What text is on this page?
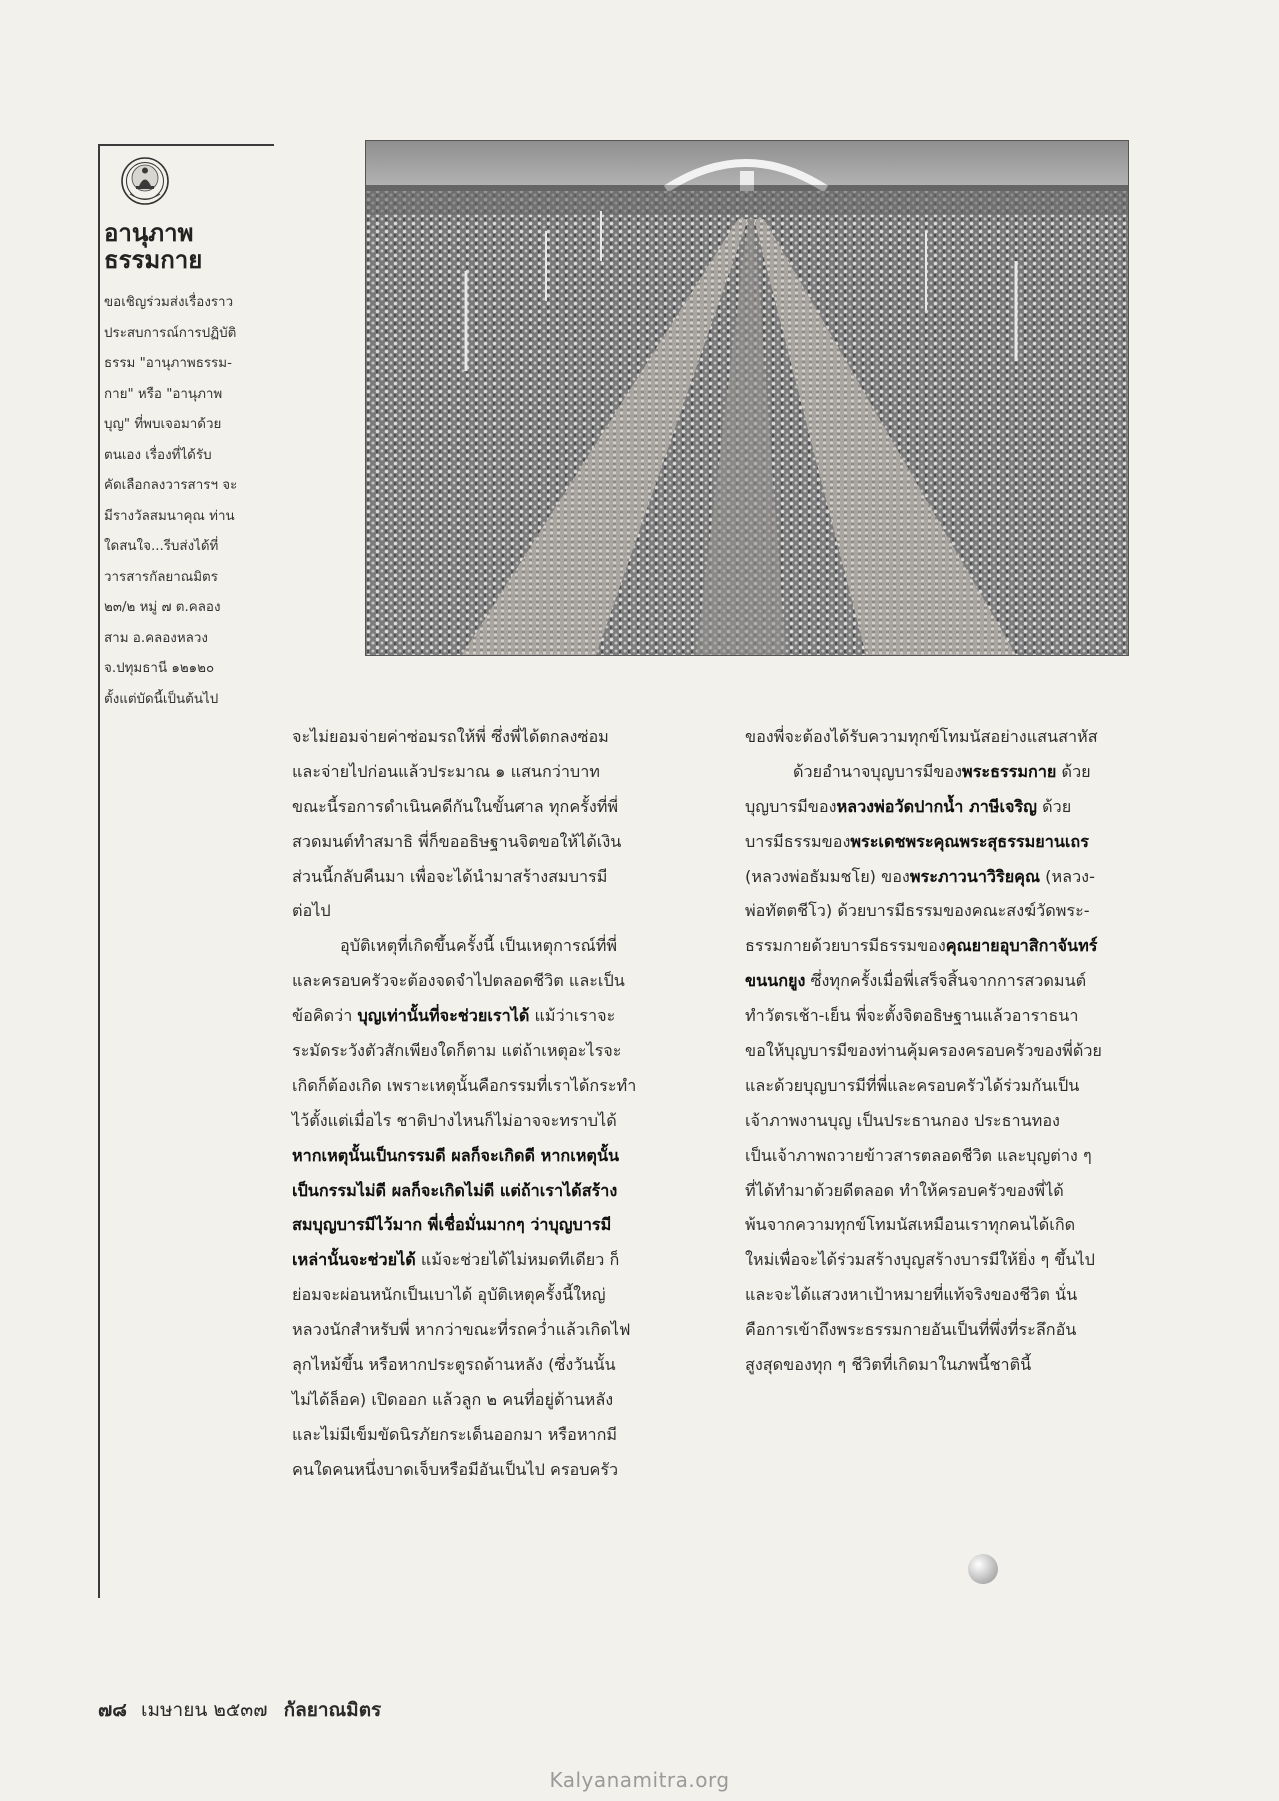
อานุภาพ
ธรรมกาย
ขอเชิญร่วมส่งเรื่องราว
ประสบการณ์การปฏิบัติ
ธรรม "อานุภาพธรรม-
กาย" หรือ "อานุภาพ
บุญ" ที่พบเจอมาด้วย
ตนเอง เรื่องที่ได้รับ
คัดเลือกลงวารสารฯ จะ
มีรางวัลสมนาคุณ ท่าน
ใดสนใจ...รีบส่งได้ที่
วารสารกัลยาณมิตร
๒๓/๒ หมู่ ๗ ต.คลอง
สาม อ.คลองหลวง
จ.ปทุมธานี ๑๒๑๒๐
ตั้งแต่บัดนี้เป็นต้นไป
จะไม่ยอมจ่ายค่าซ่อมรถให้พี่ ซึ่งพี่ได้ตกลงซ่อม
และจ่ายไปก่อนแล้วประมาณ ๑ แสนกว่าบาท
ขณะนี้รอการดำเนินคดีกันในขั้นศาล ทุกครั้งที่พี่
สวดมนต์ทำสมาธิ พี่ก็ขออธิษฐานจิตขอให้ได้เงิน
ส่วนนี้กลับคืนมา เพื่อจะได้นำมาสร้างสมบารมี
ต่อไป
อุบัติเหตุที่เกิดขึ้นครั้งนี้ เป็นเหตุการณ์ที่พี่
และครอบครัวจะต้องจดจำไปตลอดชีวิต และเป็น
ข้อคิดว่า บุญเท่านั้นที่จะช่วยเราได้ แม้ว่าเราจะ
ระมัดระวังตัวสักเพียงใดก็ตาม แต่ถ้าเหตุอะไรจะ
เกิดก็ต้องเกิด เพราะเหตุนั้นคือกรรมที่เราได้กระทำ
ไว้ตั้งแต่เมื่อไร ชาติปางไหนก็ไม่อาจจะทราบได้
หากเหตุนั้นเป็นกรรมดี ผลก็จะเกิดดี หากเหตุนั้น
เป็นกรรมไม่ดี ผลก็จะเกิดไม่ดี แต่ถ้าเราได้สร้าง
สมบุญบารมีไว้มาก พี่เชื่อมั่นมากๆ ว่าบุญบารมี
เหล่านั้นจะช่วยได้ แม้จะช่วยได้ไม่หมดทีเดียว ก็
ย่อมจะผ่อนหนักเป็นเบาได้ อุบัติเหตุครั้งนี้ใหญ่
หลวงนักสำหรับพี่ หากว่าขณะที่รถคว่ำแล้วเกิดไฟ
ลุกไหม้ขึ้น หรือหากประตูรถด้านหลัง (ซึ่งวันนั้น
ไม่ได้ล็อค) เปิดออก แล้วลูก ๒ คนที่อยู่ด้านหลัง
และไม่มีเข็มขัดนิรภัยกระเด็นออกมา หรือหากมี
คนใดคนหนึ่งบาดเจ็บหรือมีอันเป็นไป ครอบครัว
ของพี่จะต้องได้รับความทุกข์โทมนัสอย่างแสนสาหัส
ด้วยอำนาจบุญบารมีของพระธรรมกาย ด้วย
บุญบารมีของหลวงพ่อวัดปากน้ำ ภาษีเจริญ ด้วย
บารมีธรรมของพระเดชพระคุณพระสุธรรมยานเถร
(หลวงพ่อธัมมชโย) ของพระภาวนาวิริยคุณ (หลวง-
พ่อทัตตชีโว) ด้วยบารมีธรรมของคณะสงฆ์วัดพระ-
ธรรมกายด้วยบารมีธรรมของคุณยายอุบาสิกาจันทร์
ขนนกยูง ซึ่งทุกครั้งเมื่อพี่เสร็จสิ้นจากการสวดมนต์
ทำวัตรเช้า-เย็น พี่จะตั้งจิตอธิษฐานแล้วอาราธนา
ขอให้บุญบารมีของท่านคุ้มครองครอบครัวของพี่ด้วย
และด้วยบุญบารมีที่พี่และครอบครัวได้ร่วมกันเป็น
เจ้าภาพงานบุญ เป็นประธานกอง ประธานทอง
เป็นเจ้าภาพถวายข้าวสารตลอดชีวิต และบุญต่าง ๆ
ที่ได้ทำมาด้วยดีตลอด ทำให้ครอบครัวของพี่ได้
พ้นจากความทุกข์โทมนัสเหมือนเราทุกคนได้เกิด
ใหม่เพื่อจะได้ร่วมสร้างบุญสร้างบารมีให้ยิ่ง ๆ ขึ้นไป
และจะได้แสวงหาเป้าหมายที่แท้จริงของชีวิต นั่น
คือการเข้าถึงพระธรรมกายอันเป็นที่พึ่งที่ระลึกอัน
สูงสุดของทุก ๆ ชีวิตที่เกิดมาในภพนี้ชาตินี้
๗๘ เมษายน ๒๕๓๗ กัลยาณมิตร
Kalyanamitra.org
